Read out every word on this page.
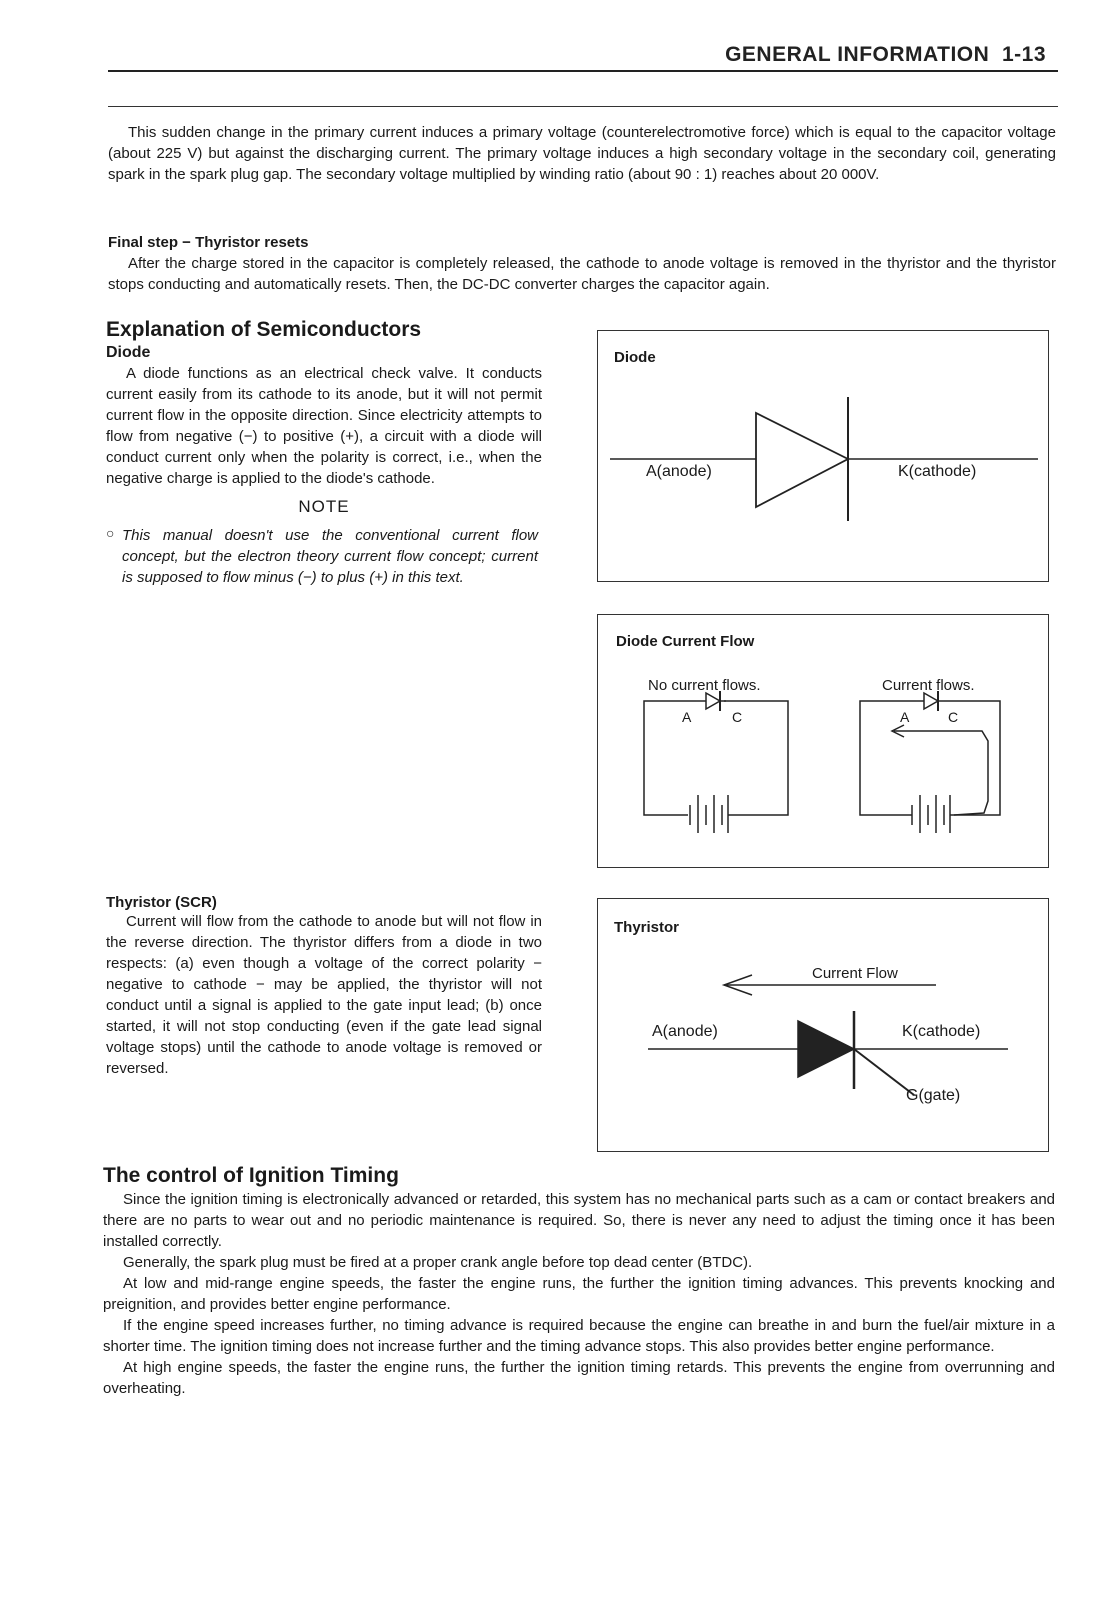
GENERAL INFORMATION 1-13

This sudden change in the primary current induces a primary voltage (counterelectromotive force) which is equal to the capacitor voltage (about 225 V) but against the discharging current. The primary voltage induces a high secondary voltage in the secondary coil, generating spark in the spark plug gap. The secondary voltage multiplied by winding ratio (about 90 : 1) reaches about 20 000V.

Final step − Thyristor resets

After the charge stored in the capacitor is completely released, the cathode to anode voltage is removed in the thyristor and the thyristor stops conducting and automatically resets. Then, the DC-DC converter charges the capacitor again.

Explanation of Semiconductors
Diode

A diode functions as an electrical check valve. It conducts current easily from its cathode to its anode, but it will not permit current flow in the opposite direction. Since electricity attempts to flow from negative (−) to positive (+), a circuit with a diode will conduct current only when the polarity is correct, i.e., when the negative charge is applied to the diode's cathode.

NOTE
○ This manual doesn't use the conventional current flow concept, but the electron theory current flow concept; current is supposed to flow minus (−) to plus (+) in this text.
Thyristor (SCR)

Current will flow from the cathode to anode but will not flow in the reverse direction. The thyristor differs from a diode in two respects: (a) even though a voltage of the correct polarity − negative to cathode − may be applied, the thyristor will not conduct until a signal is applied to the gate input lead; (b) once started, it will not stop conducting (even if the gate lead signal voltage stops) until the cathode to anode voltage is removed or reversed.

Diode
A(anode)	K(cathode)
Diode Current Flow
No current flows.	Current flows.
A	C	A	C
Thyristor
Current Flow
A(anode)	K(cathode)
G(gate)
The control of Ignition Timing

Since the ignition timing is electronically advanced or retarded, this system has no mechanical parts such as a cam or contact breakers and there are no parts to wear out and no periodic maintenance is required. So, there is never any need to adjust the timing once it has been installed correctly.

Generally, the spark plug must be fired at a proper crank angle before top dead center (BTDC).

At low and mid-range engine speeds, the faster the engine runs, the further the ignition timing advances. This prevents knocking and preignition, and provides better engine performance.

If the engine speed increases further, no timing advance is required because the engine can breathe in and burn the fuel/air mixture in a shorter time. The ignition timing does not increase further and the timing advance stops. This also provides better engine performance.

At high engine speeds, the faster the engine runs, the further the ignition timing retards. This prevents the engine from overrunning and overheating.
